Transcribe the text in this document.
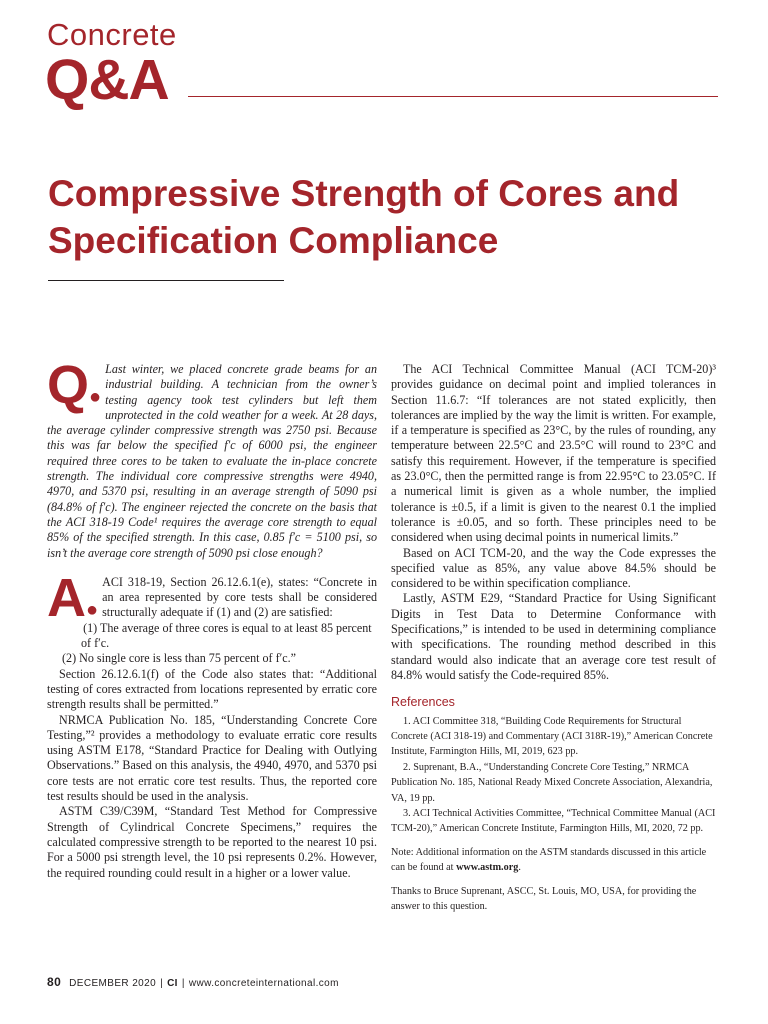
Concrete
Q&A
Compressive Strength of Cores and Specification Compliance
Q●

Last winter, we placed concrete grade beams for an industrial building. A technician from the owner’s testing agency took test cylinders but left them unprotected in the cold weather for a week. At 28 days, the average cylinder compressive strength was 2750 psi. Because this was far below the specified f′c of 6000 psi, the engineer required three cores to be taken to evaluate the in-place concrete strength. The individual core compressive strengths were 4940, 4970, and 5370 psi, resulting in an average strength of 5090 psi (84.8% of f′c). The engineer rejected the concrete on the basis that the ACI 318-19 Code¹ requires the average core strength to equal 85% of the specified strength. In this case, 0.85 f′c = 5100 psi, so isn’t the average core strength of 5090 psi close enough?

A●

ACI 318-19, Section 26.12.6.1(e), states: “Concrete in an area represented by core tests shall be considered structurally adequate if (1) and (2) are satisfied:

(1) The average of three cores is equal to at least 85 percent of f′c.

(2) No single core is less than 75 percent of f′c.”

Section 26.12.6.1(f) of the Code also states that: “Additional testing of cores extracted from locations represented by erratic core strength results shall be permitted.”

NRMCA Publication No. 185, “Understanding Concrete Core Testing,”² provides a methodology to evaluate erratic core results using ASTM E178, “Standard Practice for Dealing with Outlying Observations.” Based on this analysis, the 4940, 4970, and 5370 psi core tests are not erratic core test results. Thus, the reported core test results should be used in the analysis.

ASTM C39/C39M, “Standard Test Method for Compressive Strength of Cylindrical Concrete Specimens,” requires the calculated compressive strength to be reported to the nearest 10 psi. For a 5000 psi strength level, the 10 psi represents 0.2%. However, the required rounding could result in a higher or a lower value.

The ACI Technical Committee Manual (ACI TCM-20)³ provides guidance on decimal point and implied tolerances in Section 11.6.7: “If tolerances are not stated explicitly, then tolerances are implied by the way the limit is written. For example, if a temperature is specified as 23°C, by the rules of rounding, any temperature between 22.5°C and 23.5°C will round to 23°C and satisfy this requirement. However, if the temperature is specified as 23.0°C, then the permitted range is from 22.95°C to 23.05°C. If a numerical limit is given as a whole number, the implied tolerance is ±0.5, if a limit is given to the nearest 0.1 the implied tolerance is ±0.05, and so forth. These principles need to be considered when using decimal points in numerical limits.”

Based on ACI TCM-20, and the way the Code expresses the specified value as 85%, any value above 84.5% should be considered to be within specification compliance.

Lastly, ASTM E29, “Standard Practice for Using Significant Digits in Test Data to Determine Conformance with Specifications,” is intended to be used in determining compliance with specifications. The rounding method described in this standard would also indicate that an average core test result of 84.8% would satisfy the Code-required 85%.

References

1. ACI Committee 318, “Building Code Requirements for Structural Concrete (ACI 318-19) and Commentary (ACI 318R-19),” American Concrete Institute, Farmington Hills, MI, 2019, 623 pp.

2. Suprenant, B.A., “Understanding Concrete Core Testing,” NRMCA Publication No. 185, National Ready Mixed Concrete Association, Alexandria, VA, 19 pp.

3. ACI Technical Activities Committee, “Technical Committee Manual (ACI TCM-20),” American Concrete Institute, Farmington Hills, MI, 2020, 72 pp.

Note: Additional information on the ASTM standards discussed in this article can be found at www.astm.org.

Thanks to Bruce Suprenant, ASCC, St. Louis, MO, USA, for providing the answer to this question.

80 DECEMBER 2020 | CI | www.concreteinternational.com
